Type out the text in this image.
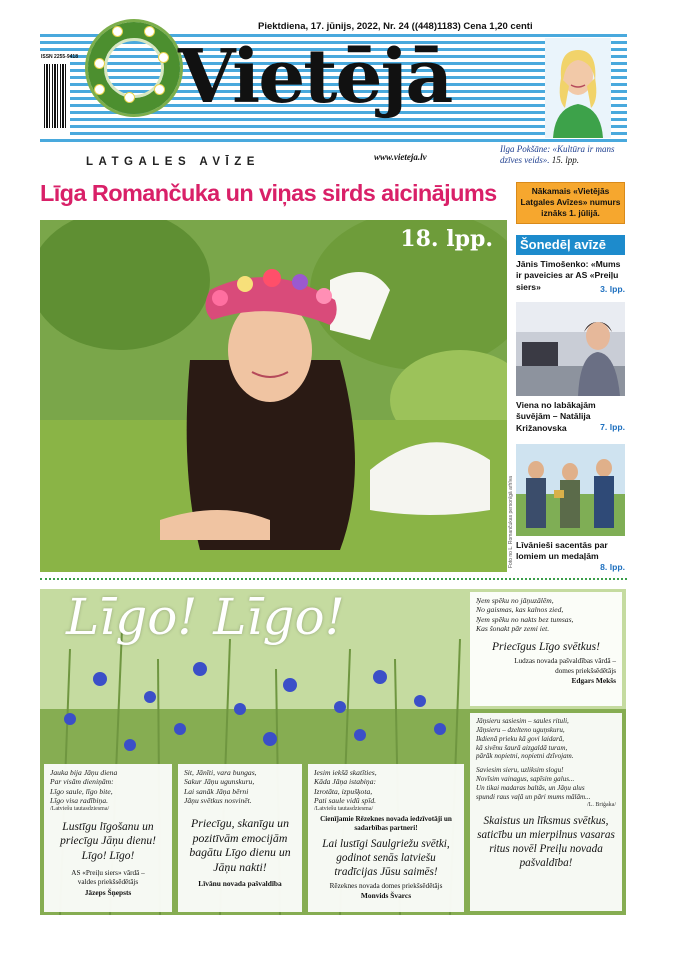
Piektdiena, 17. jūnijs, 2022, Nr. 24 ((448)1183) Cena 1,20 centi
ISSN 2255-9418 Vietējā
LATGALES AVĪZE	www.vieteja.lv
Ilga Pokšāne: «Kultūra ir mans dzīves veids». 15. lpp.
Līga Romančuka un viņas sirds aicinājums	Nākamais «Vietējās Latgales Avīzes» numurs iznāks 1. jūlijā.
18. lpp.
Foto no L. Romančukas personīgā arhīva
Šonedēļ avīzē
Jānis Timošenko: «Mums ir paveicies ar AS «Preiļu siers»	3. lpp.
Viena no labākajām šuvējām – Natālija Križanovska	7. lpp.
Līvānieši sacentās par lomiem un medaļām
8. lpp.
Līgo! Līgo!	Ņem spēku no jāņuzālēm,
No gaismas, kas kalnos zied,
Ņem spēku no nakts bez tumsas,
Kas šonakt pār zemi iet.
Priecīgus Līgo svētkus!
Ludzas novada pašvaldības vārdā –
domes priekšsēdētājs
Edgars Mekšs
Jāņsieru sasiesim – saules rituli,
Jāņsieru – dzelteno uguņskuru,
Ikdienā prieku kā govi laidarā,
kā sivēnu šaurā aizgaldā turam,
pārāk nopietni, nopietni dzīvojam.
Saviesim sieru, uzliksim slogu!
Novīsim vainagus, sapīsim galus...
Un tikai madaras baltās, un Jāņu alus
spundi raus vaļā un pāri mums mālām...
/L. Briģaka/
Skaistus un līksmus svētkus, saticību un mierpilnus vasaras ritus novēl Preiļu novada pašvaldība!
Jauka bija Jāņu diena
Par visām dieniņām:
Līgo saule, līgo bite,
Līgo visa radībiņa.
/Latviešu tautasdziesma/
Lustīgu līgošanu un priecīgu Jāņu dienu! Līgo! Līgo!
AS «Preiļu siers» vārdā –
valdes priekšsēdētājs
Jāzeps Šņepsts
Sit, Jānīti, vara bungas,
Sakur Jāņu ugunskuru,
Lai sanāk Jāņa bērni
Jāņu svētkus nosvinēt.
Priecīgu, skanīgu un pozitīvām emocijām bagātu Līgo dienu un Jāņu nakti!
Līvānu novada pašvaldība
Iesim iekšā skatīties,
Kāda Jāņa istabiņa:
Izrotāta, izpušķota,
Pati saule vidū spīd.
/Latviešu tautasdziesma/
Cienījamie Rēzeknes novada iedzīvotāji un sadarbības partneri!
Lai lustīgi Saulgriežu svētki, godinot senās latviešu tradīcijas Jūsu saimēs!
Rēzeknes novada domes priekšsēdētājs
Monvids Švarcs
